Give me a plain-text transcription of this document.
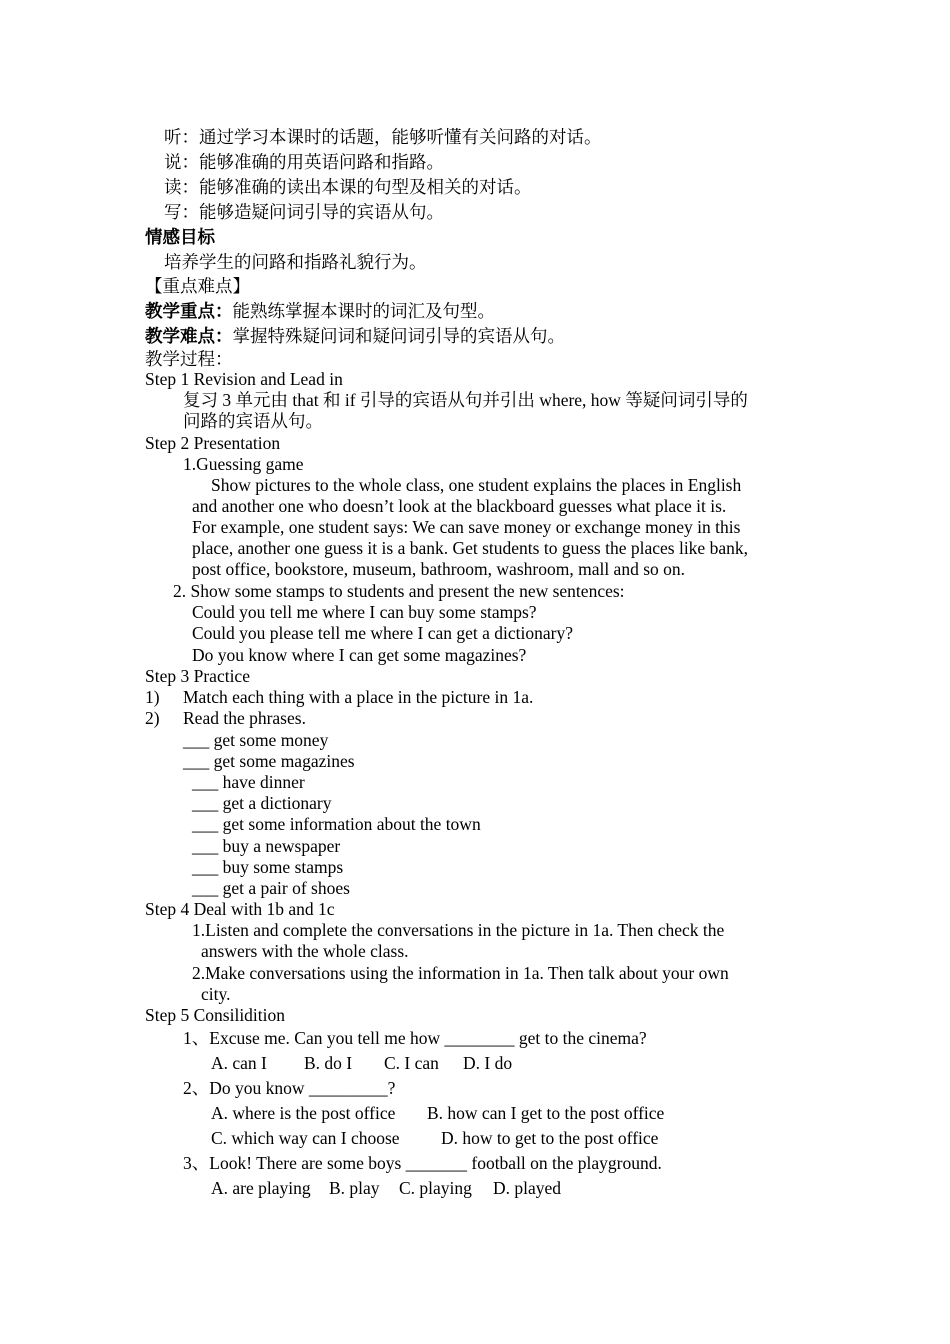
听：通过学习本课时的话题，能够听懂有关问路的对话。
说：能够准确的用英语问路和指路。
读：能够准确的读出本课的句型及相关的对话。
写：能够造疑问词引导的宾语从句。
情感目标
培养学生的问路和指路礼貌行为。
【重点难点】
教学重点：能熟练掌握本课时的词汇及句型。
教学难点：掌握特殊疑问词和疑问词引导的宾语从句。
教学过程：
Step 1 Revision and Lead in
复习 3 单元由 that 和 if 引导的宾语从句并引出 where, how 等疑问词引导的
问路的宾语从句。
Step 2 Presentation
1.Guessing game
Show pictures to the whole class, one student explains the places in English
and another one who doesn’t look at the blackboard guesses what place it is.
For example, one student says: We can save money or exchange money in this
place, another one guess it is a bank. Get students to guess the places like bank,
post office, bookstore, museum, bathroom, washroom, mall and so on.
2. Show some stamps to students and present the new sentences:
Could you tell me where I can buy some stamps?
Could you please tell me where I can get a dictionary?
Do you know where I can get some magazines?
Step 3 Practice
1) Match each thing with a place in the picture in 1a.
2) Read the phrases.
___ get some money
___ get some magazines
___ have dinner
___ get a dictionary
___ get some information about the town
___ buy a newspaper
___ buy some stamps
___ get a pair of shoes
Step 4 Deal with 1b and 1c
1.Listen and complete the conversations in the picture in 1a. Then check the
answers with the whole class.
2.Make conversations using the information in 1a. Then talk about your own
city.
Step 5 Consilidition
1、Excuse me. Can you tell me how ________ get to the cinema?
A. can I B. do I C. I can D. I do
2、Do you know _________?
A. where is the post office B. how can I get to the post office
C. which way can I choose D. how to get to the post office
3、Look! There are some boys _______ football on the playground.
A. are playing B. play C. playing D. played
